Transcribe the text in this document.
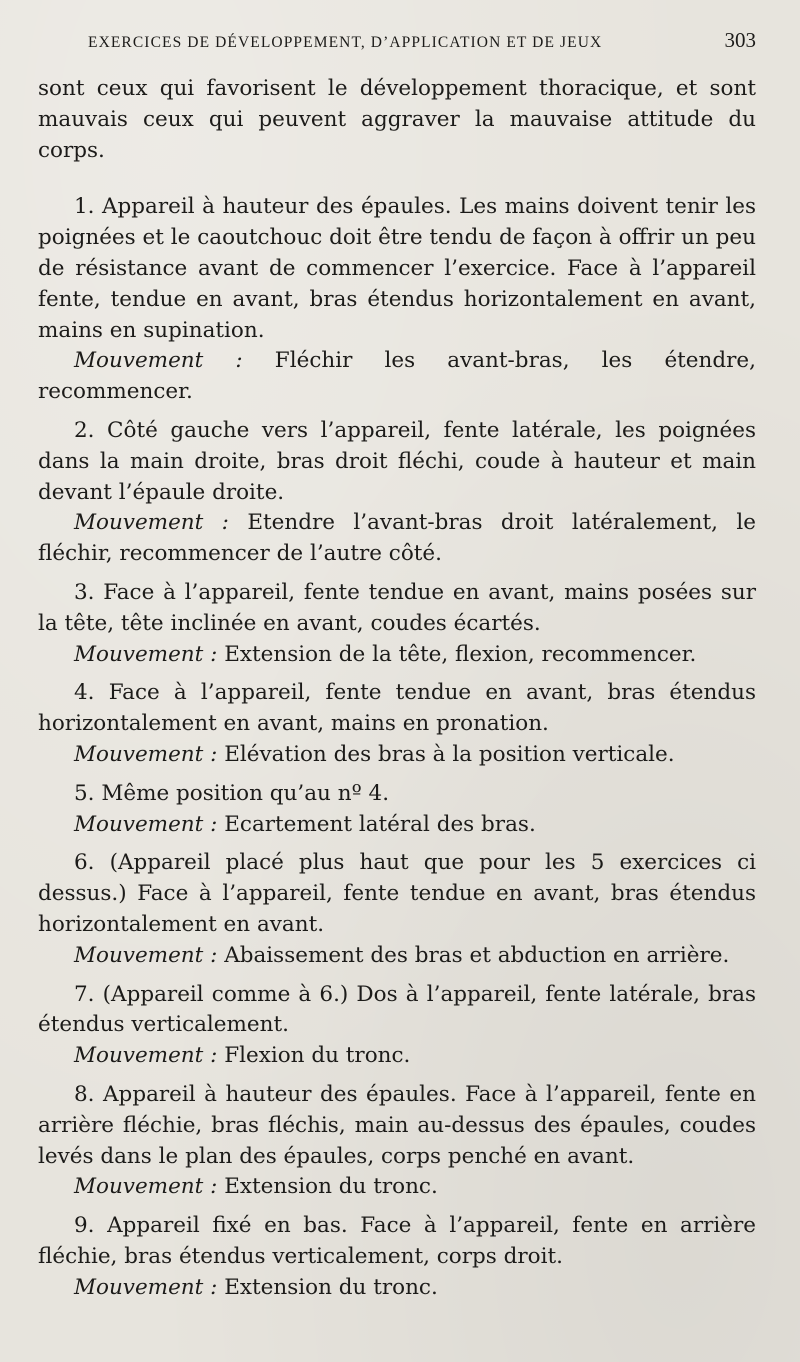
EXERCICES DE DÉVELOPPEMENT, D’APPLICATION ET DE JEUX	303

sont ceux qui favorisent le développement thoracique, et sont mauvais ceux qui peuvent aggraver la mauvaise attitude du corps.

1. Appareil à hauteur des épaules. Les mains doivent tenir les poignées et le caoutchouc doit être tendu de façon à offrir un peu de résistance avant de commencer l’exercice. Face à l’appareil fente, tendue en avant, bras étendus horizontalement en avant, mains en supination.

Mouvement : Fléchir les avant-bras, les étendre, recommencer.

2. Côté gauche vers l’appareil, fente latérale, les poignées dans la main droite, bras droit fléchi, coude à hauteur et main devant l’épaule droite.

Mouvement : Etendre l’avant-bras droit latéralement, le fléchir, recommencer de l’autre côté.

3. Face à l’appareil, fente tendue en avant, mains posées sur la tête, tête inclinée en avant, coudes écartés.

Mouvement : Extension de la tête, flexion, recommencer.

4. Face à l’appareil, fente tendue en avant, bras étendus horizontalement en avant, mains en pronation.

Mouvement : Elévation des bras à la position verticale.

5. Même position qu’au nº 4.

Mouvement : Ecartement latéral des bras.

6. (Appareil placé plus haut que pour les 5 exercices ci dessus.) Face à l’appareil, fente tendue en avant, bras étendus horizontalement en avant.

Mouvement : Abaissement des bras et abduction en arrière.

7. (Appareil comme à 6.) Dos à l’appareil, fente latérale, bras étendus verticalement.

Mouvement : Flexion du tronc.

8. Appareil à hauteur des épaules. Face à l’appareil, fente en arrière fléchie, bras fléchis, main au-dessus des épaules, coudes levés dans le plan des épaules, corps penché en avant.

Mouvement : Extension du tronc.

9. Appareil fixé en bas. Face à l’appareil, fente en arrière fléchie, bras étendus verticalement, corps droit.

Mouvement : Extension du tronc.
